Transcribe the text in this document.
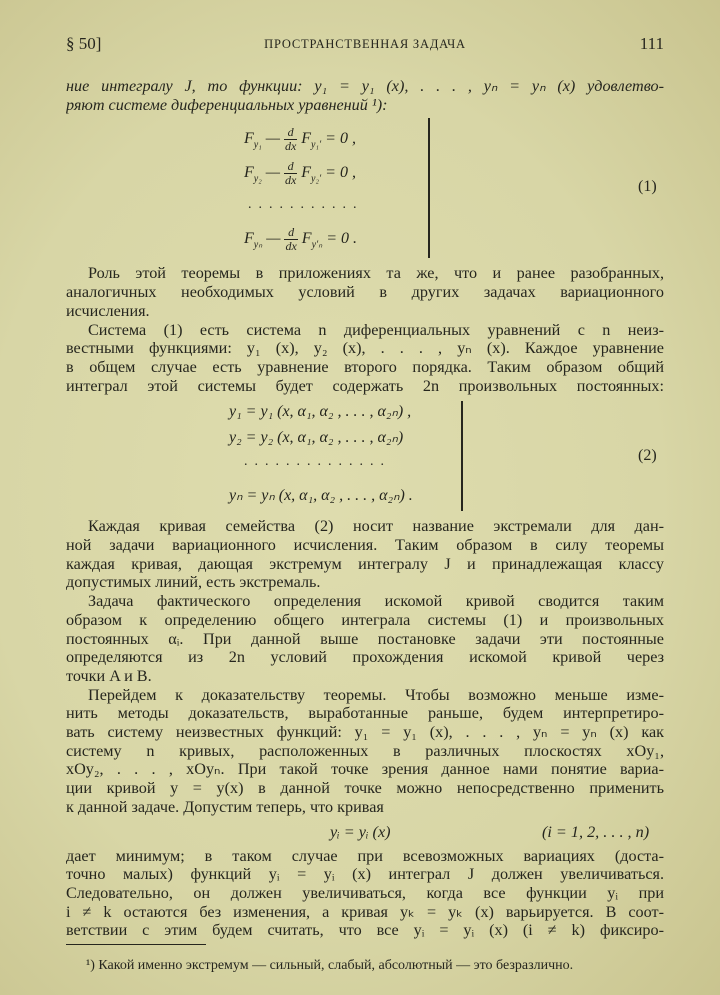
§ 50]	ПРОСТРАНСТВЕННАЯ ЗАДАЧА	111
ние интегралу J, то функции: y₁ = y₁ (x), . . . , yₙ = yₙ (x) удовлетво-
ряют системе диференциальных уравнений ¹):
$F_{y_1}$ — $\frac{d}{dx} F_{y_1'} = 0$ ,
$F_{y_2}$ — $\frac{d}{dx} F_{y_2'} = 0$ ,
...........
$F_{y_n}$ — $\frac{d}{dx} F_{y'_n} = 0$ .
(1)
Роль этой теоремы в приложениях та же, что и ранее разобранных,
аналогичных необходимых условий в других задачах вариационного
исчисления.
Система (1) есть система n диференциальных уравнений с n неиз-
вестными функциями: y₁ (x), y₂ (x), . . . , yₙ (x). Каждое уравнение
в общем случае есть уравнение второго порядка. Таким образом общий
интеграл этой системы будет содержать 2n произвольных постоянных:
y₁ = y₁ (x, α₁, α₂ , . . . , α₂ₙ) ,
y₂ = y₂ (x, α₁, α₂ , . . . , α₂ₙ)
..............
yₙ = yₙ (x, α₁, α₂ , . . . , α₂ₙ) .
(2)
Каждая кривая семейства (2) носит название экстремали для дан-
ной задачи вариационного исчисления. Таким образом в силу теоремы
каждая кривая, дающая экстремум интегралу J и принадлежащая классу
допустимых линий, есть экстремаль.
Задача фактического определения искомой кривой сводится таким
образом к определению общего интеграла системы (1) и произвольных
постоянных αᵢ. При данной выше постановке задачи эти постоянные
определяются из 2n условий прохождения искомой кривой через
точки A и B.
Перейдем к доказательству теоремы. Чтобы возможно меньше изме-
нить методы доказательств, выработанные раньше, будем интерпретиро-
вать систему неизвестных функций: y₁ = y₁ (x), . . . , yₙ = yₙ (x) как
систему n кривых, расположенных в различных плоскостях xOy₁,
xOy₂, . . . , xOyₙ. При такой точке зрения данное нами понятие вариа-
ции кривой y = y(x) в данной точке можно непосредственно применить
к данной задаче. Допустим теперь, что кривая
yᵢ = yᵢ (x)	(i = 1, 2, . . . , n)
дает минимум; в таком случае при всевозможных вариациях (доста-
точно малых) функций yᵢ = yᵢ (x) интеграл J должен увеличиваться.
Следовательно, он должен увеличиваться, когда все функции yᵢ при
i ≠ k остаются без изменения, а кривая yₖ = yₖ (x) варьируется. В соот-
ветствии с этим будем считать, что все yᵢ = yᵢ (x) (i ≠ k) фиксиро-
¹) Какой именно экстремум — сильный, слабый, абсолютный — это безразлично.
